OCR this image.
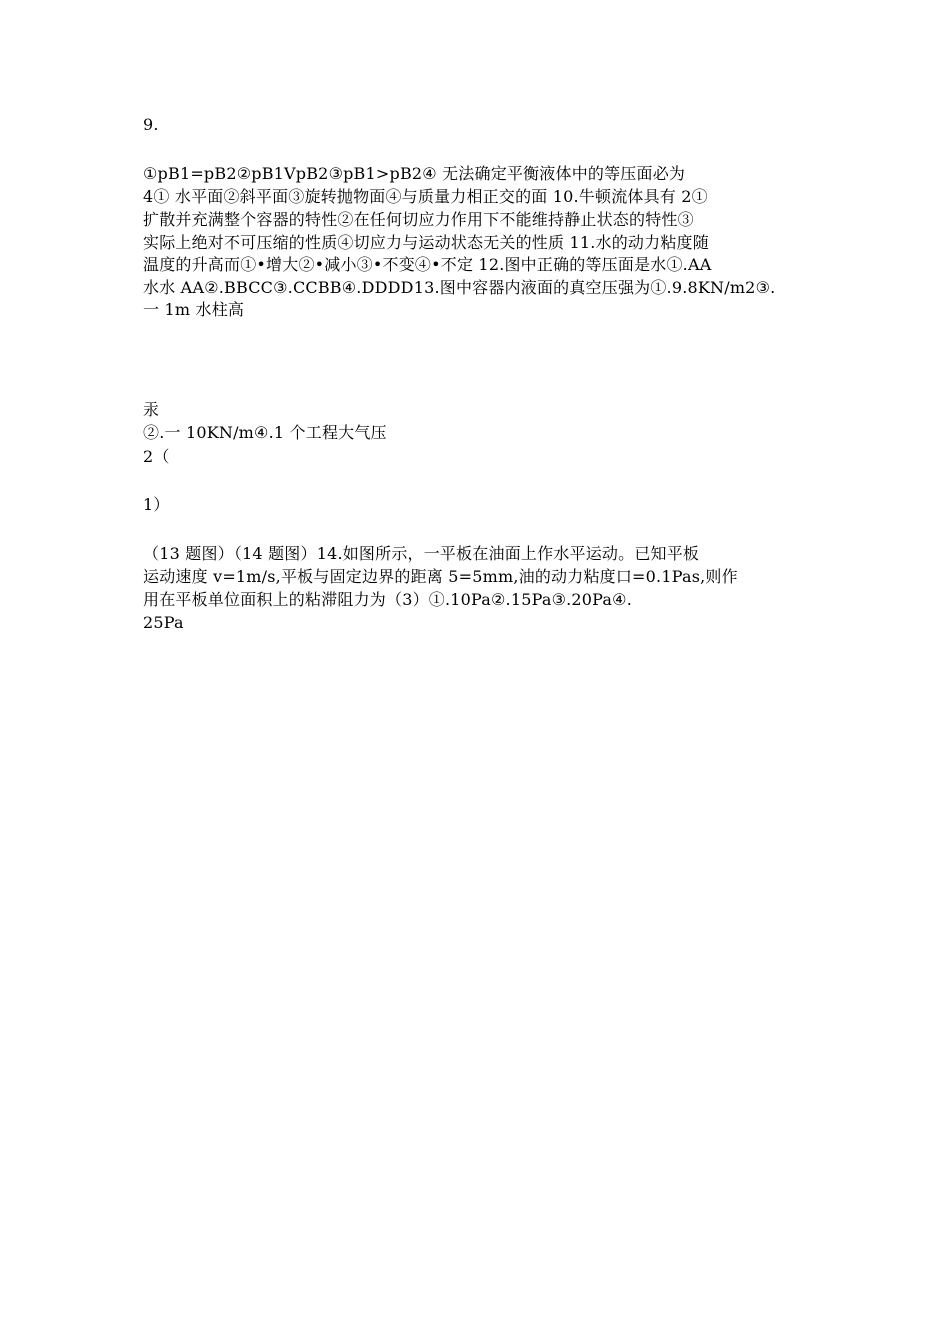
9.
①pB1=pB2②pB1VpB2③pB1>pB2④ 无法确定平衡液体中的等压面必为
4① 水平面②斜平面③旋转抛物面④与质量力相正交的面 10.牛顿流体具有 2①
扩散并充满整个容器的特性②在任何切应力作用下不能维持静止状态的特性③
实际上绝对不可压缩的性质④切应力与运动状态无关的性质 11.水的动力粘度随
温度的升高而①•增大②•减小③•不变④•不定 12.图中正确的等压面是水①.AA
水水 AA②.BBCC③.CCBB④.DDDD13.图中容器内液面的真空压强为①.9.8KN/m2③.
一 1m 水柱高
汞
②.一 10KN/m④.1 个工程大气压
2（
1）
（13 题图）（14 题图）14.如图所示，一平板在油面上作水平运动。已知平板
运动速度 v=1m/s,平板与固定边界的距离 5=5mm,油的动力粘度口=0.1Pas,则作
用在平板单位面积上的粘滞阻力为（3）①.10Pa②.15Pa③.20Pa④.
25Pa
